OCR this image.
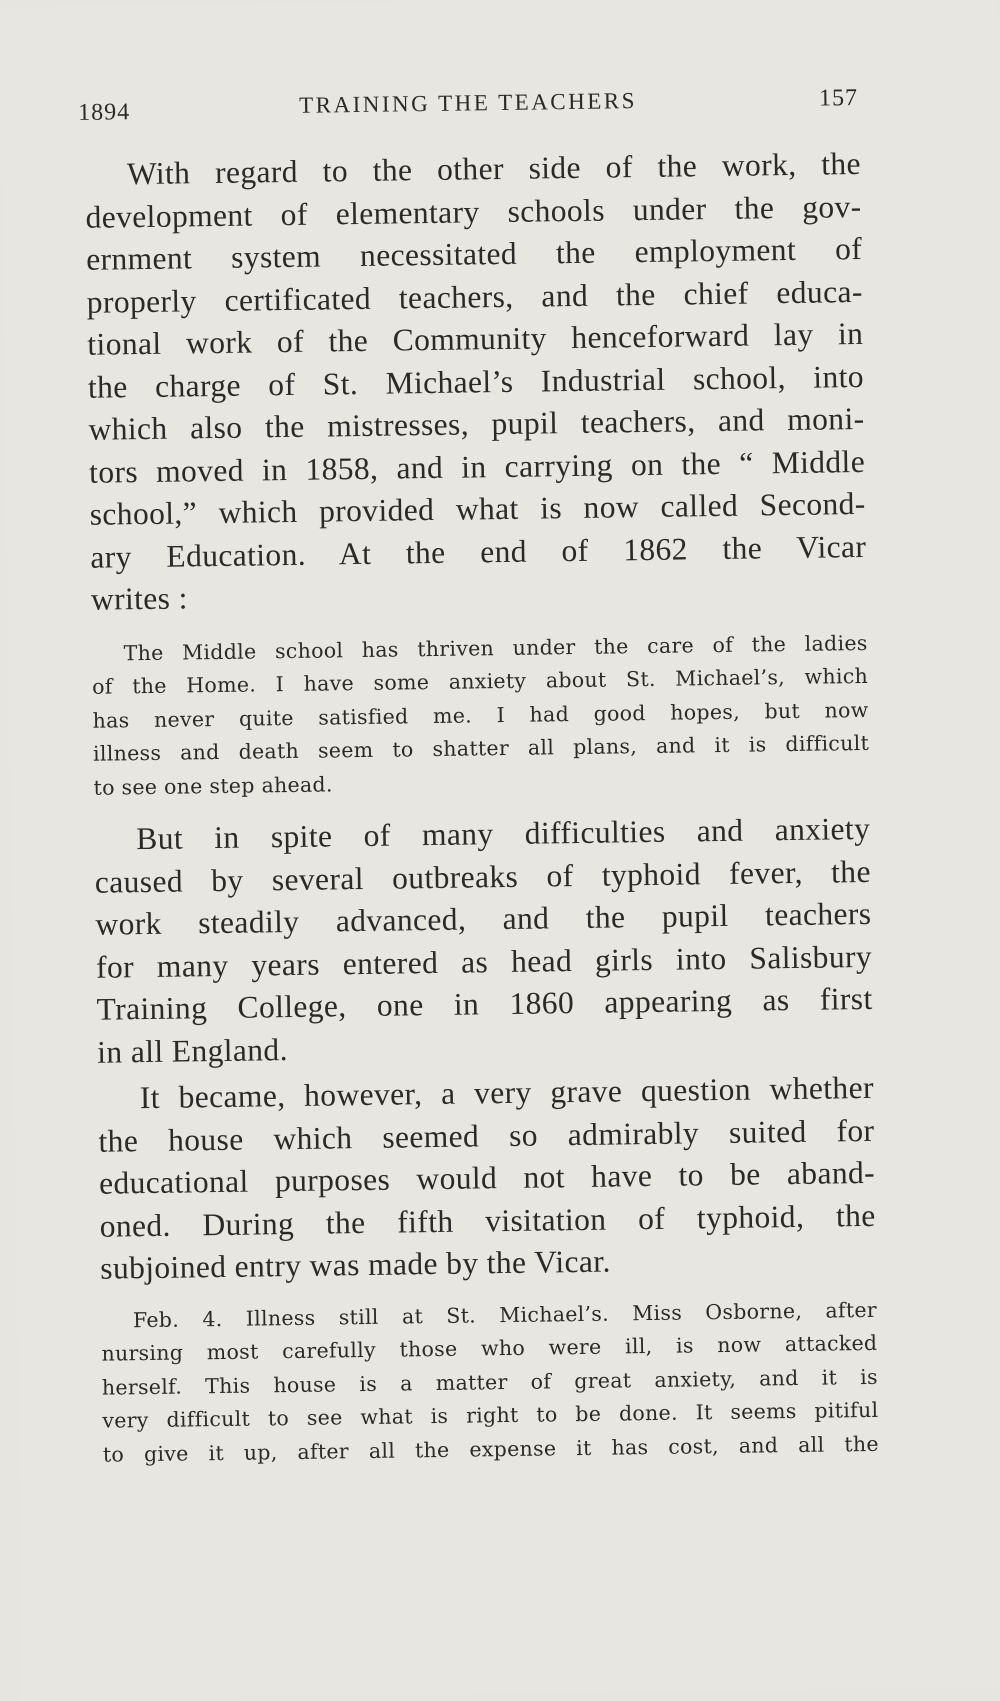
1894	TRAINING THE TEACHERS	157
With regard to the other side of the work, the
development of elementary schools under the gov-
ernment system necessitated the employment of
properly certificated teachers, and the chief educa-
tional work of the Community henceforward lay in
the charge of St. Michael’s Industrial school, into
which also the mistresses, pupil teachers, and moni-
tors moved in 1858, and in carrying on the “ Middle
school,” which provided what is now called Second-
ary Education. At the end of 1862 the Vicar
writes :
The Middle school has thriven under the care of the ladies
of the Home. I have some anxiety about St. Michael’s, which
has never quite satisfied me. I had good hopes, but now
illness and death seem to shatter all plans, and it is difficult
to see one step ahead.
But in spite of many difficulties and anxiety
caused by several outbreaks of typhoid fever, the
work steadily advanced, and the pupil teachers
for many years entered as head girls into Salisbury
Training College, one in 1860 appearing as first
in all England.
It became, however, a very grave question whether
the house which seemed so admirably suited for
educational purposes would not have to be aband-
oned. During the fifth visitation of typhoid, the
subjoined entry was made by the Vicar.
Feb. 4. Illness still at St. Michael’s. Miss Osborne, after
nursing most carefully those who were ill, is now attacked
herself. This house is a matter of great anxiety, and it is
very difficult to see what is right to be done. It seems pitiful
to give it up, after all the expense it has cost, and all the
